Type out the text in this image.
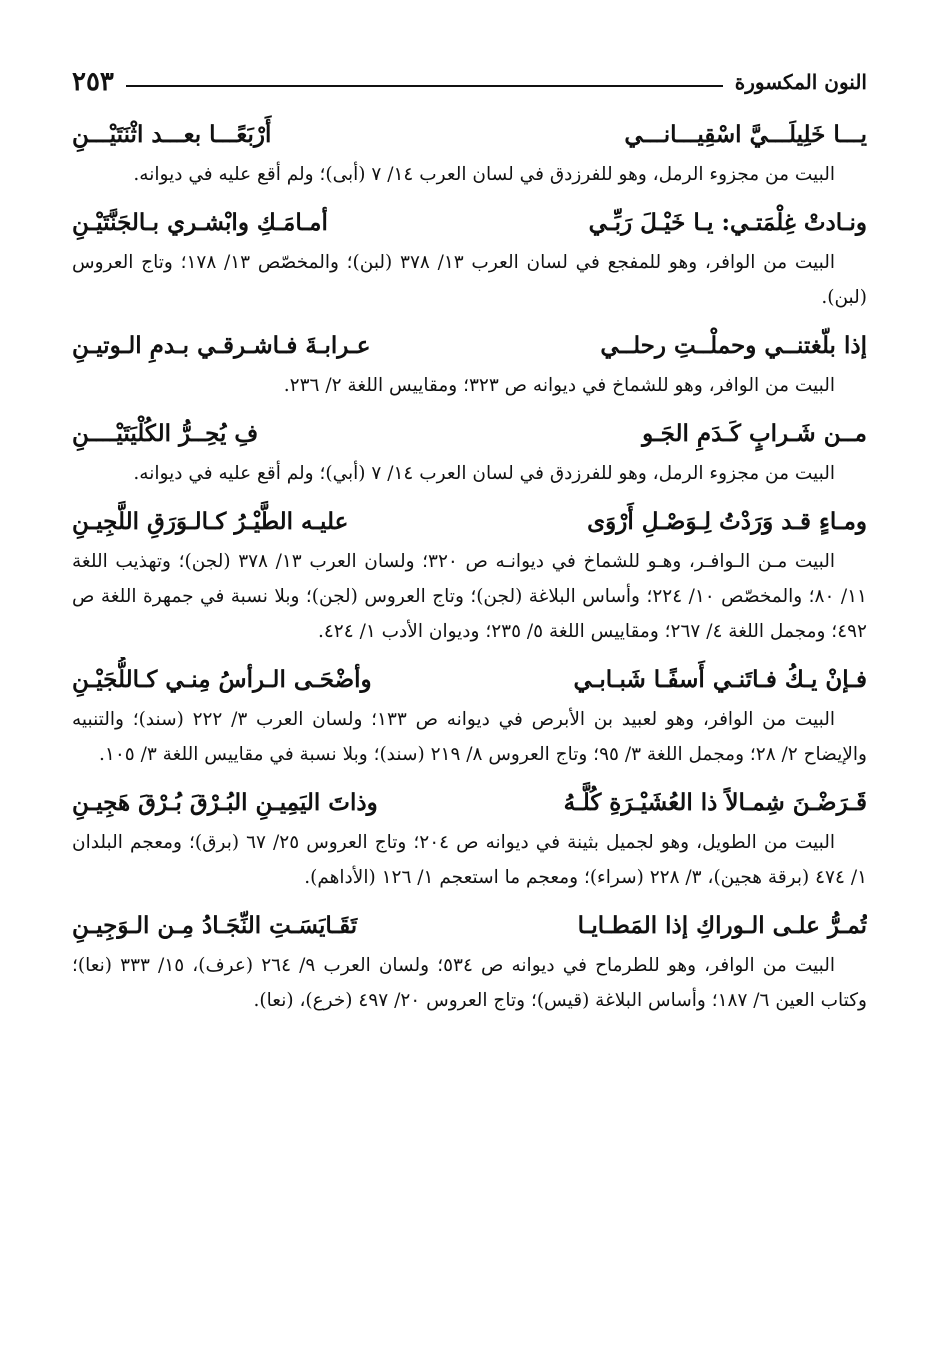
النون المكسورة
٢٥٣
يـــا خَلِيلَـــيَّ اسْقِيـــانـــي
أَرْبَعًـــا بعـــد اثْنَتَيْـــنِ

البيت من مجزوء الرمل، وهو للفرزدق في لسان العرب ١٤/ ٧ (أبى)؛ ولم أقع عليه في ديوانه.

ونـادتْ غِلْمَتـي: يـا خَيْـلَ رَبِّـي
أمـامَـكِ وابْشـري بـالجَنَّتَيْـنِ

البيت من الوافر، وهو للمفجع في لسان العرب ١٣/ ٣٧٨ (لبن)؛ والمخصّص ١٣/ ١٧٨؛ وتاج العروس (لبن).

إذا بلّغتنــي وحملْــتِ رحلــي
عـرابـةَ فـاشـرقـي بـدمِ الـوتيـنِ

البيت من الوافر، وهو للشماخ في ديوانه ص ٣٢٣؛ ومقاييس اللغة ٢/ ٢٣٦.

مــن شَـرابٍ كَـدَمِ الجَـو
فِ يُحِــرُّ الكُلْيَتَيْــــنِ

البيت من مجزوء الرمل، وهو للفرزدق في لسان العرب ١٤/ ٧ (أبي)؛ ولم أقع عليه في ديوانه.

ومـاءٍ قـد وَرَدْتُ لِـوَصْـلِ أَرْوَى
عليـه الطَّيْـرُ كـالـوَرَقِ اللَّجِيـنِ

البيت مـن الـوافـر، وهـو للشماخ في ديوانـه ص ٣٢٠؛ ولسان العرب ١٣/ ٣٧٨ (لجن)؛ وتهذيب اللغة ١١/ ٨٠؛ والمخصّص ١٠/ ٢٢٤؛ وأساس البلاغة (لجن)؛ وتاج العروس (لجن)؛ وبلا نسبة في جمهرة اللغة ص ٤٩٢؛ ومجمل اللغة ٤/ ٢٦٧؛ ومقاييس اللغة ٥/ ٢٣٥؛ وديوان الأدب ١/ ٤٢٤.

فـإنْ يـكُ فـاتَنـي أَسفًـا شَبـابـي
وأضْحَـى الـرأسُ مِنـي كـاللُّجَيْـنِ

البيت من الوافر، وهو لعبيد بن الأبرص في ديوانه ص ١٣٣؛ ولسان العرب ٣/ ٢٢٢ (سند)؛ والتنبيه والإيضاح ٢/ ٢٨؛ ومجمل اللغة ٣/ ٩٥؛ وتاج العروس ٨/ ٢١٩ (سند)؛ وبلا نسبة في مقاييس اللغة ٣/ ١٠٥.

قَـرَضْـنَ شِمـالاً ذا العُشَيْـرَةِ كُلَّـهُ
وذاتَ اليَمِيـنِ البُـرْقَ بُـرْقَ هَجِيـنِ

البيت من الطويل، وهو لجميل بثينة في ديوانه ص ٢٠٤؛ وتاج العروس ٢٥/ ٦٧ (برق)؛ ومعجم البلدان ١/ ٤٧٤ (برقة هجين)، ٣/ ٢٢٨ (سراء)؛ ومعجم ما استعجم ١/ ١٢٦ (الأداهم).

تُمـرُّ علـى الـوراكِ إذا المَطـايـا
تَقَـايَسَـتِ النِّجَـادُ مِـن الـوَجِيـنِ

البيت من الوافر، وهو للطرماح في ديوانه ص ٥٣٤؛ ولسان العرب ٩/ ٢٦٤ (عرف)، ١٥/ ٣٣٣ (نعا)؛ وكتاب العين ٦/ ١٨٧؛ وأساس البلاغة (قيس)؛ وتاج العروس ٢٠/ ٤٩٧ (خرع)، (نعا).
